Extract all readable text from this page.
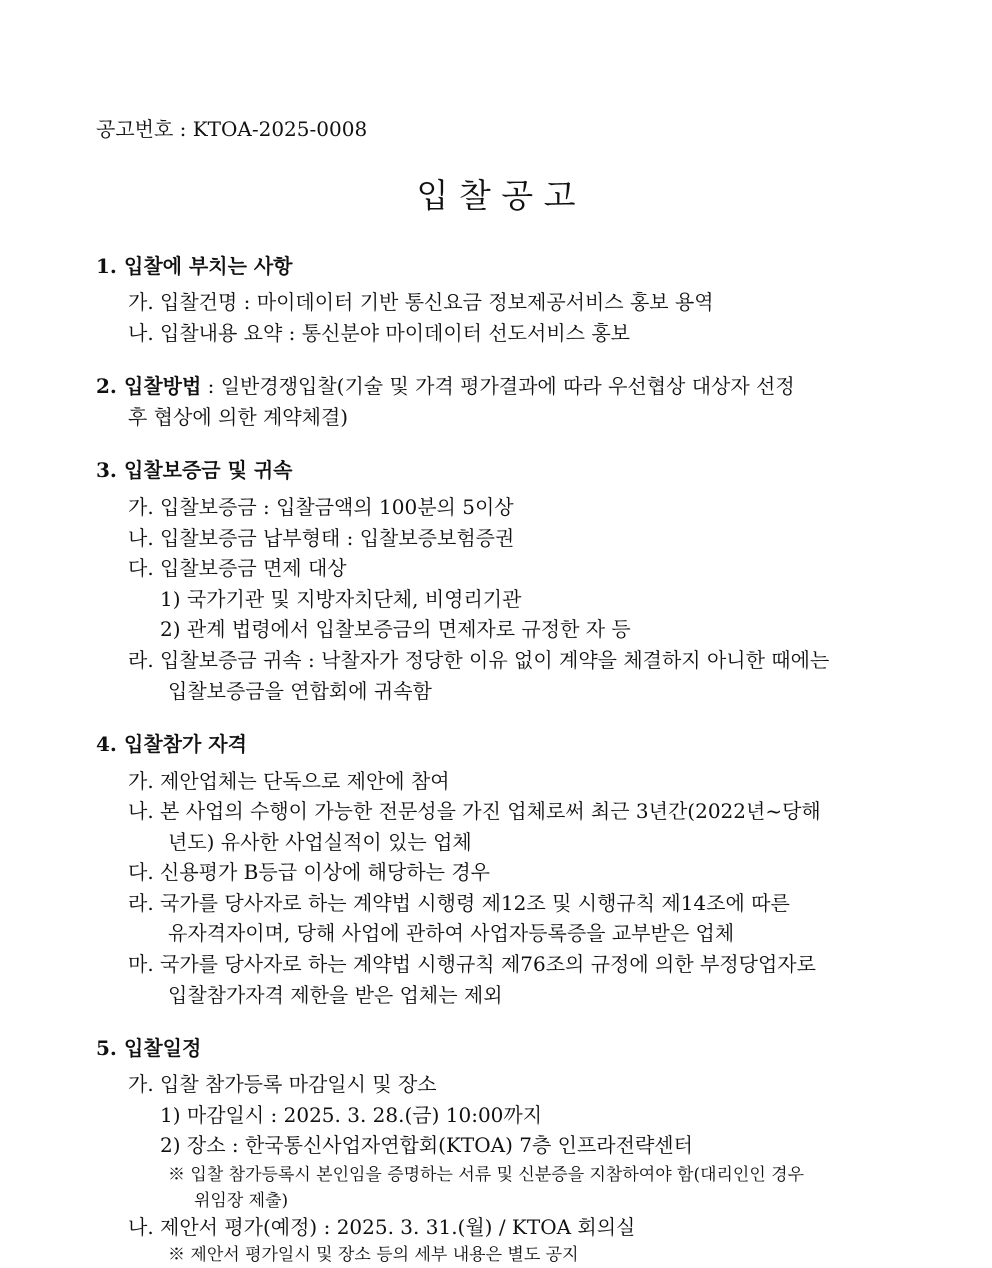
공고번호 : KTOA-2025-0008
입 찰 공 고
1. 입찰에 부치는 사항
가. 입찰건명 : 마이데이터 기반 통신요금 정보제공서비스 홍보 용역
나. 입찰내용 요약 : 통신분야 마이데이터 선도서비스 홍보
2. 입찰방법 : 일반경쟁입찰(기술 및 가격 평가결과에 따라 우선협상 대상자 선정
후 협상에 의한 계약체결)
3. 입찰보증금 및 귀속
가. 입찰보증금 : 입찰금액의 100분의 5이상
나. 입찰보증금 납부형태 : 입찰보증보험증권
다. 입찰보증금 면제 대상
1) 국가기관 및 지방자치단체, 비영리기관
2) 관계 법령에서 입찰보증금의 면제자로 규정한 자 등
라. 입찰보증금 귀속 : 낙찰자가 정당한 이유 없이 계약을 체결하지 아니한 때에는
입찰보증금을 연합회에 귀속함
4. 입찰참가 자격
가. 제안업체는 단독으로 제안에 참여
나. 본 사업의 수행이 가능한 전문성을 가진 업체로써 최근 3년간(2022년~당해
년도) 유사한 사업실적이 있는 업체
다. 신용평가 B등급 이상에 해당하는 경우
라. 국가를 당사자로 하는 계약법 시행령 제12조 및 시행규칙 제14조에 따른
유자격자이며, 당해 사업에 관하여 사업자등록증을 교부받은 업체
마. 국가를 당사자로 하는 계약법 시행규칙 제76조의 규정에 의한 부정당업자로
입찰참가자격 제한을 받은 업체는 제외
5. 입찰일정
가. 입찰 참가등록 마감일시 및 장소
1) 마감일시 : 2025. 3. 28.(금) 10:00까지
2) 장소 : 한국통신사업자연합회(KTOA) 7층 인프라전략센터
※ 입찰 참가등록시 본인임을 증명하는 서류 및 신분증을 지참하여야 함(대리인인 경우
위임장 제출)
나. 제안서 평가(예정) : 2025. 3. 31.(월) / KTOA 회의실
※ 제안서 평가일시 및 장소 등의 세부 내용은 별도 공지
